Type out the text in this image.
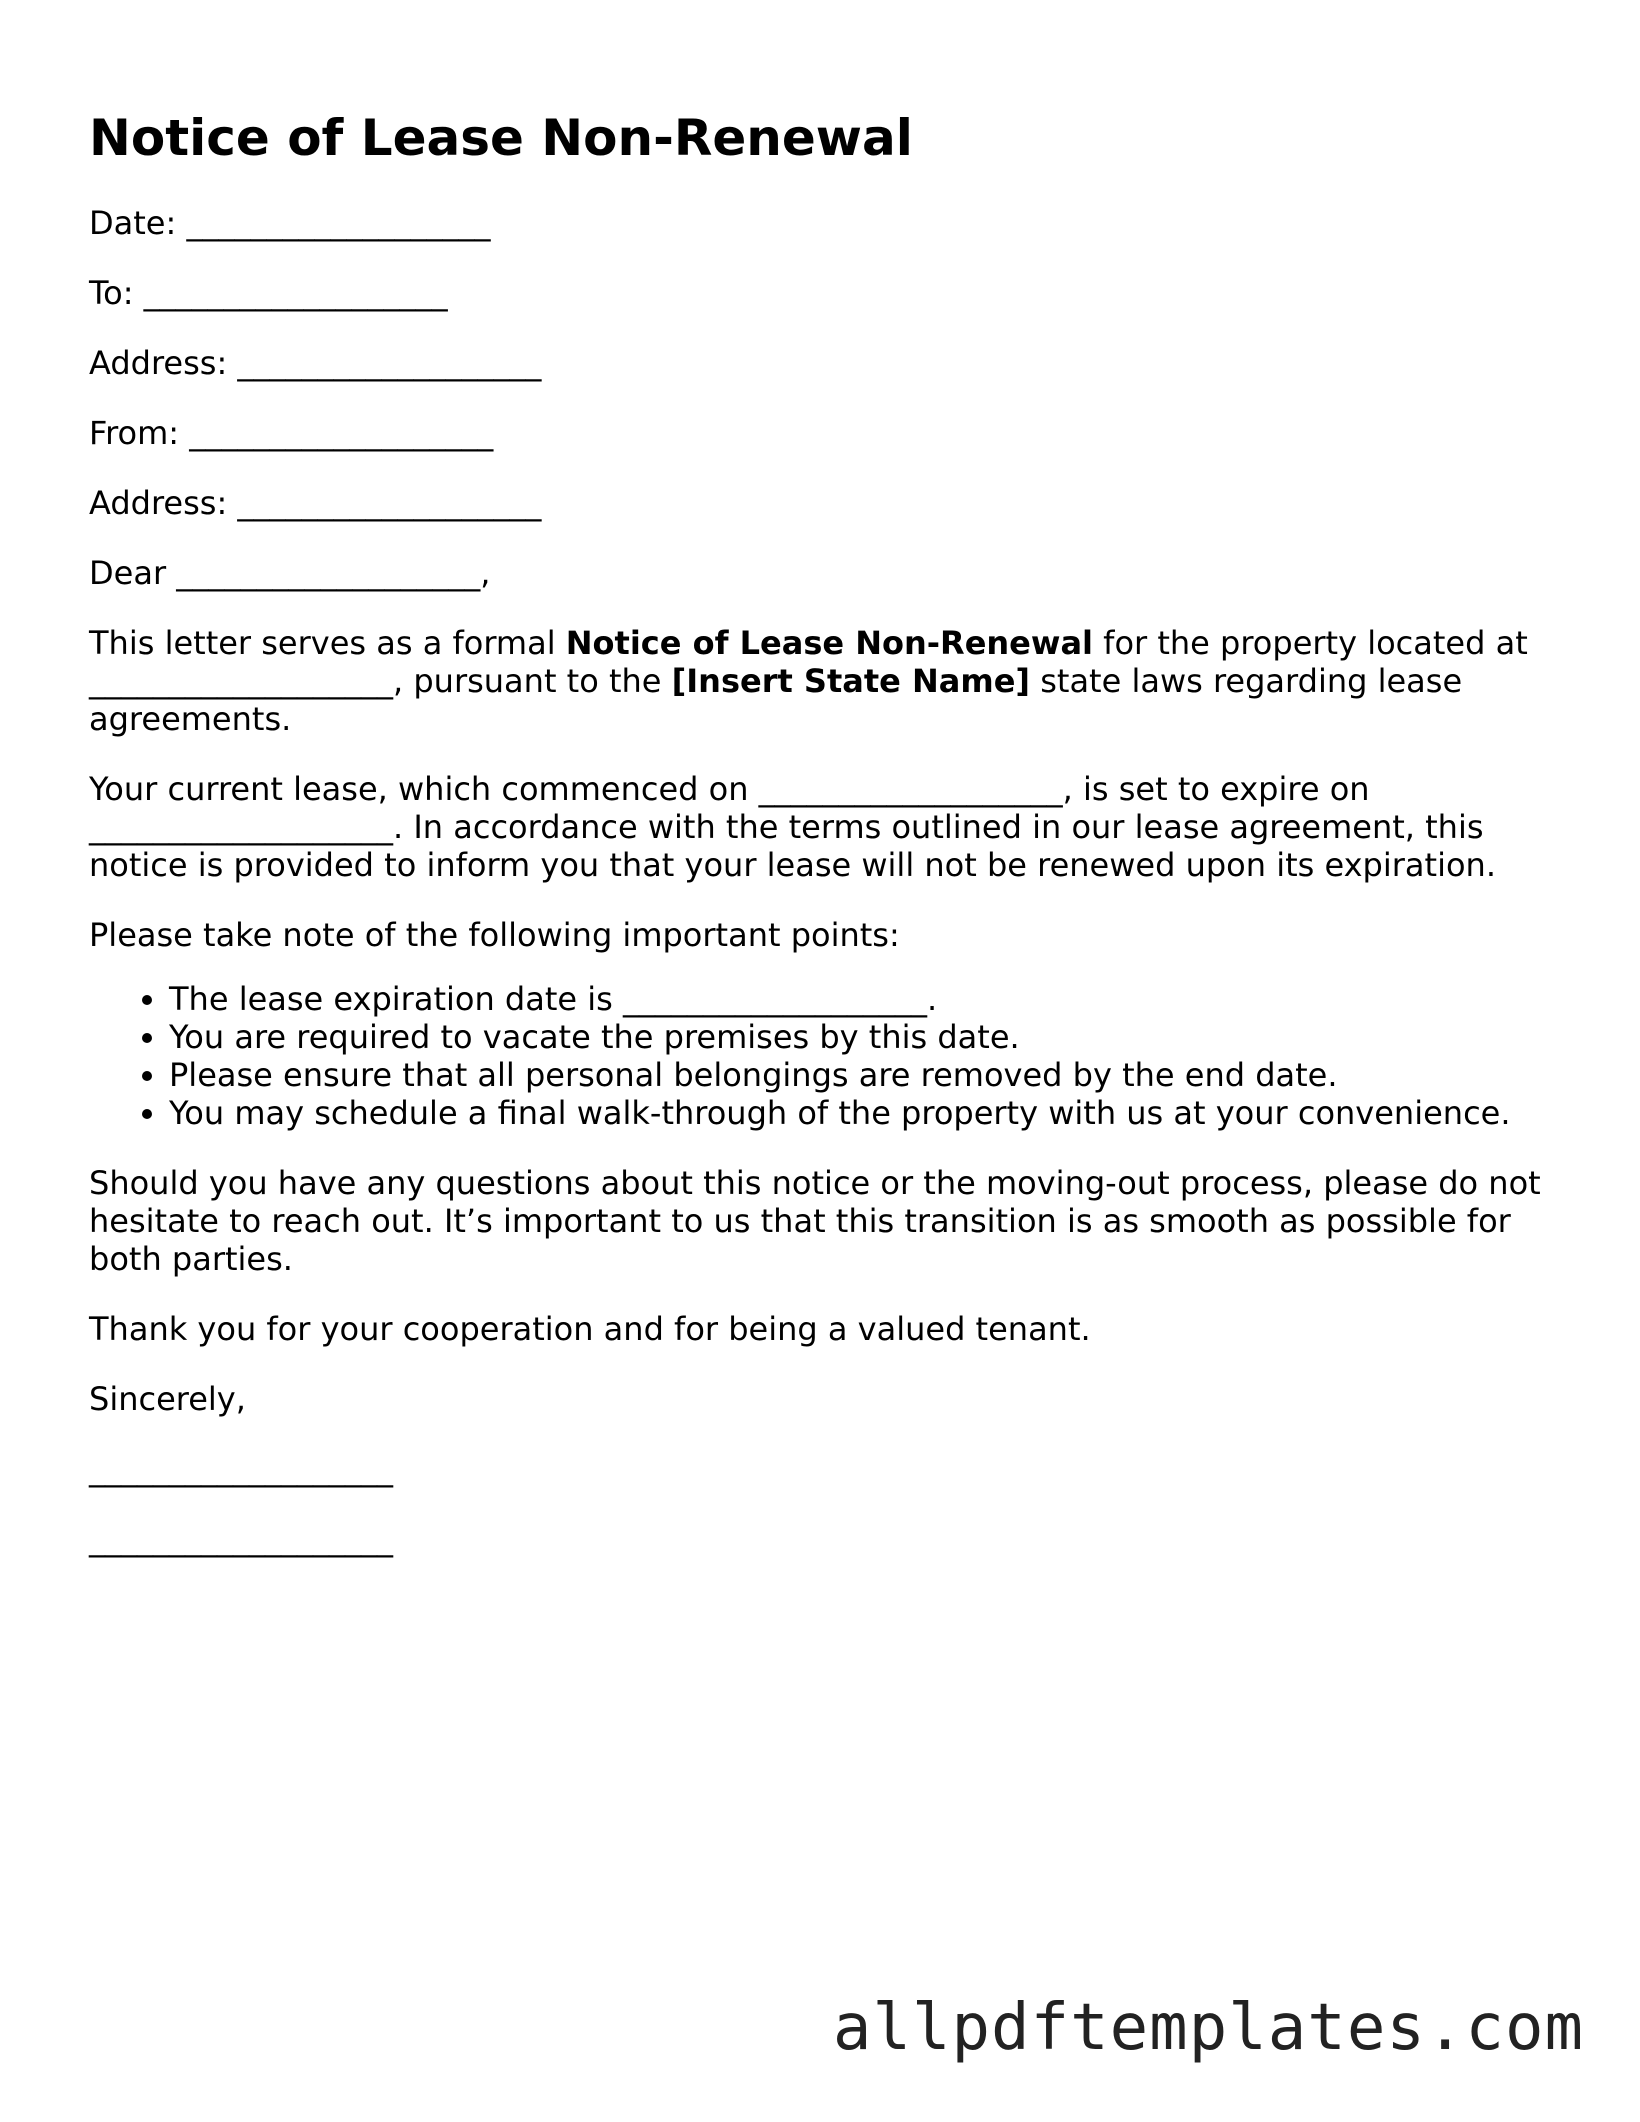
Notice of Lease Non-Renewal
Date: ___________________
To: ___________________
Address: ___________________
From: ___________________
Address: ___________________
Dear ___________________,

This letter serves as a formal Notice of Lease Non-Renewal for the property located at ___________________, pursuant to the [Insert State Name] state laws regarding lease agreements.

Your current lease, which commenced on ___________________, is set to expire on ___________________. In accordance with the terms outlined in our lease agreement, this notice is provided to inform you that your lease will not be renewed upon its expiration.

Please take note of the following important points:

• The lease expiration date is ___________________.
• You are required to vacate the premises by this date.
• Please ensure that all personal belongings are removed by the end date.
• You may schedule a final walk-through of the property with us at your convenience.

Should you have any questions about this notice or the moving-out process, please do not hesitate to reach out. It’s important to us that this transition is as smooth as possible for both parties.

Thank you for your cooperation and for being a valued tenant.

Sincerely,

___________________
___________________
allpdftemplates.com
